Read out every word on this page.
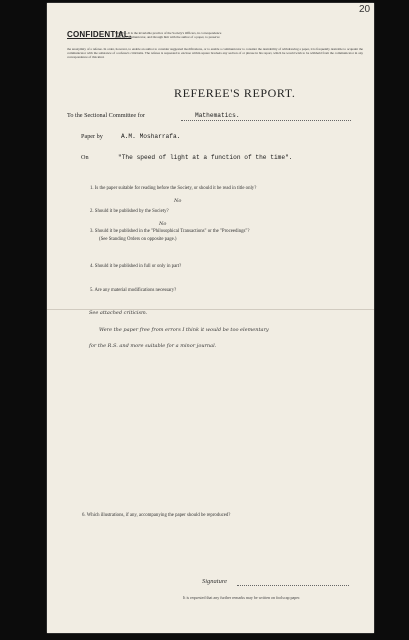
20
CONFIDENTIAL.
NOTE.—It is the invariable practice of the Society's Officers, in correspondence
with the communicator, and through him with the author of a paper, to preserve
the anonymity of a referee. In order, however, to enable an author to consider suggested modifications, or to enable a communicator to consider the desirability of withdrawing a paper, it is frequently desirable to acquaint the communicator with the substance of a referee's criticisms. The referee is requested to enclose within square brackets any section of or phrase in his report, which he would wish to be withheld from the communicator in any correspondence of this kind.
REFEREE'S REPORT.
To the Sectional Committee for	Mathematics.
Paper by	A.M. Mosharrafa.
On	"The speed of light at a function of the time".
1. Is the paper suitable for reading before the Society, or should it be read in title only?
No
2. Should it be published by the Society?
No
3. Should it be published in the "Philosophical Transactions" or the "Proceedings"?
(See Standing Orders on opposite page.)
4. Should it be published in full or only in part?
5. Are any material modifications necessary?
See attached criticism.
Were the paper free from errors I think it would be too elementary
for the R.S. and more suitable for a minor journal.
6. Which illustrations, if any, accompanying the paper should be reproduced?
Signature
It is requested that any further remarks may be written on foolscap paper.
